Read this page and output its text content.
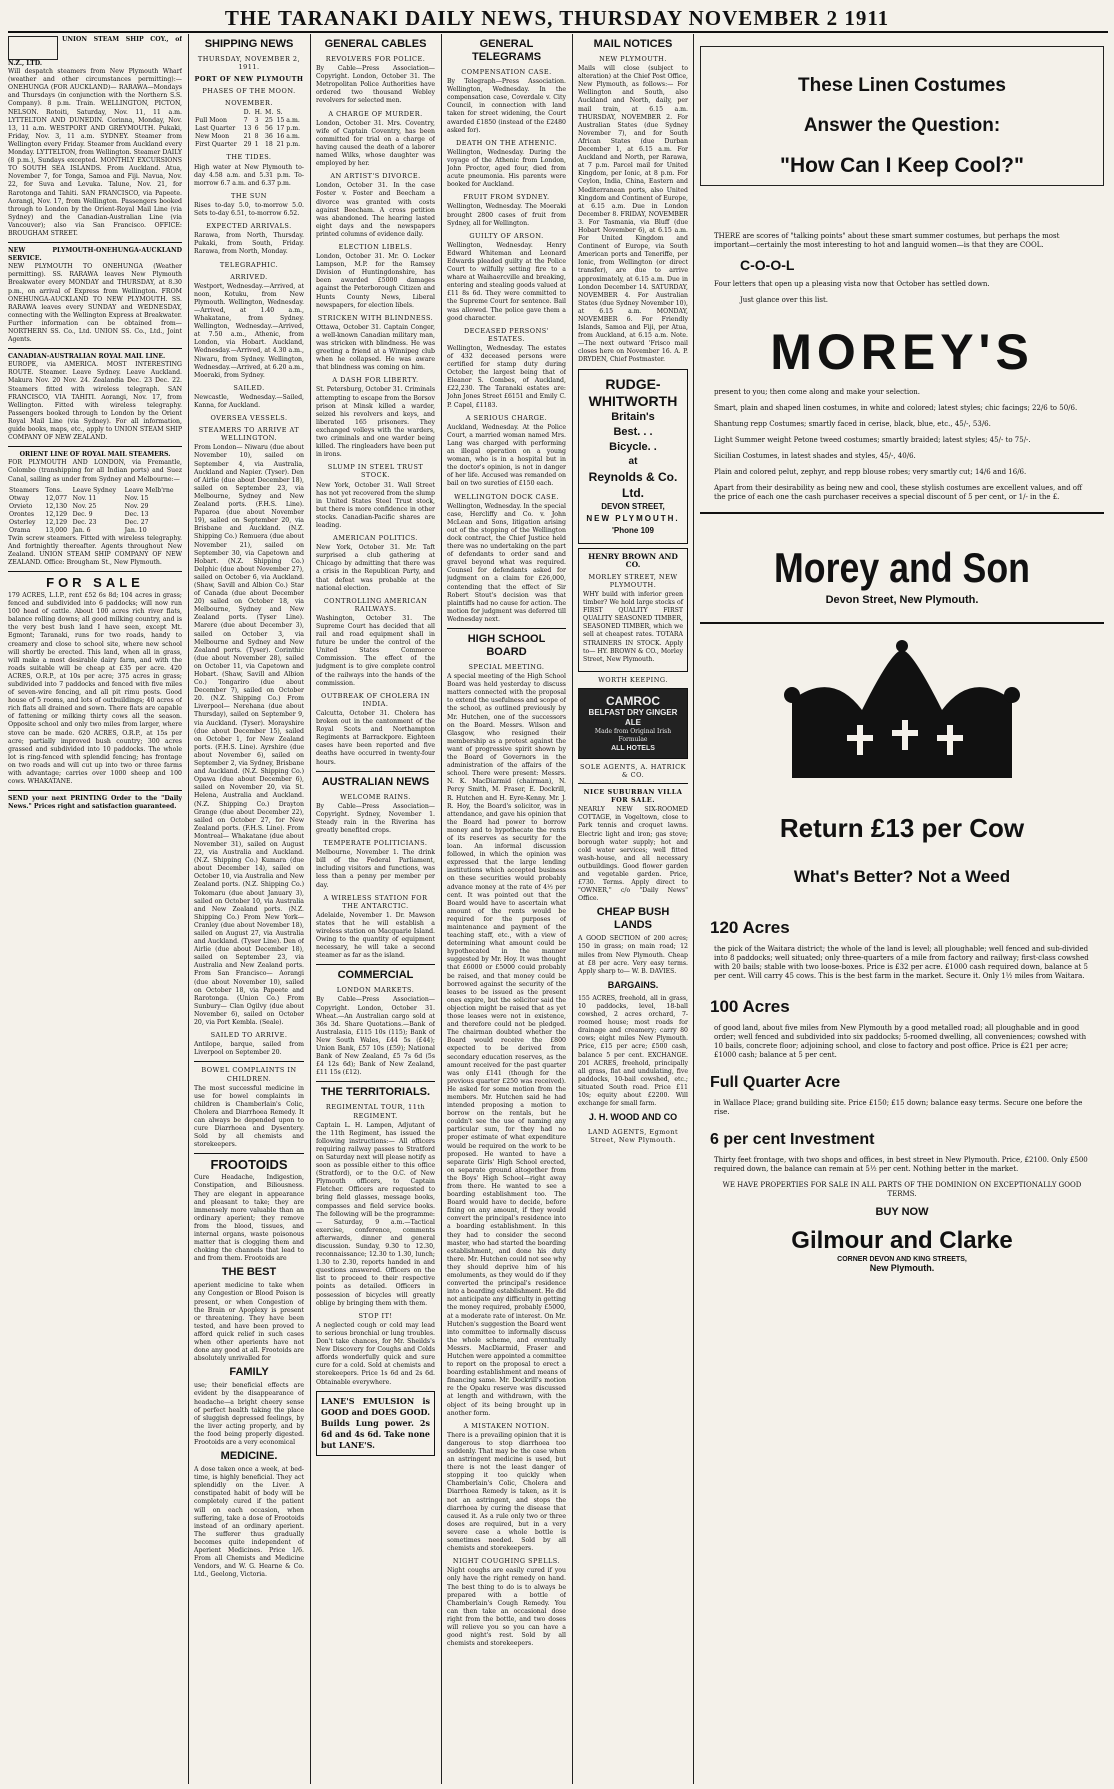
THE TARANAKI DAILY NEWS, THURSDAY NOVEMBER 2 1911
UNION STEAM SHIP COY., of N.Z., LTD.

Will despatch steamers from New Plymouth Wharf (weather and other circumstances permitting):— ONEHUNGA (FOR AUCKLAND)— RARAWA—Mondays and Thursdays (in conjunction with the Northern S.S. Company). 8 p.m. Train. WELLINGTON, PICTON, NELSON. Rotoiti, Saturday, Nov. 11, 11 a.m. LYTTELTON AND DUNEDIN. Corinna, Monday, Nov. 13, 11 a.m. WESTPORT AND GREYMOUTH. Pukaki, Friday, Nov. 3, 11 a.m. SYDNEY. Steamer from Wellington every Friday. Steamer from Auckland every Monday. LYTTELTON, from Wellington. Steamer DAILY (8 p.m.), Sundays excepted. MONTHLY EXCURSIONS TO SOUTH SEA ISLANDS. From Auckland. Atua, November 7, for Tonga, Samoa and Fiji. Navua, Nov. 22, for Suva and Levuka. Talune, Nov. 21, for Rarotonga and Tahiti. SAN FRANCISCO, via Papeete. Aorangi, Nov. 17, from Wellington. Passengers booked through to London by the Orient-Royal Mail Line (via Sydney) and the Canadian-Australian Line (via Vancouver); also via San Francisco. OFFICE: BROUGHAM STREET.

NEW PLYMOUTH-ONEHUNGA-AUCKLAND SERVICE.

NEW PLYMOUTH TO ONEHUNGA (Weather permitting). SS. RARAWA leaves New Plymouth Breakwater every MONDAY and THURSDAY, at 8.30 p.m., on arrival of Express from Wellington. FROM ONEHUNGA-AUCKLAND TO NEW PLYMOUTH. SS. RARAWA leaves every SUNDAY and WEDNESDAY, connecting with the Wellington Express at Breakwater. Further information can be obtained from— NORTHERN SS. Co., Ltd. UNION SS. Co., Ltd., Joint Agents.

CANADIAN-AUSTRALIAN ROYAL MAIL LINE.

EUROPE, via AMERICA. MOST INTERESTING ROUTE. Steamer. Leave Sydney. Leave Auckland. Makura Nov. 20 Nov. 24. Zealandia Dec. 23 Dec. 22. Steamers fitted with wireless telegraph. SAN FRANCISCO, VIA TAHITI. Aorangi, Nov. 17, from Wellington. Fitted with wireless telegraphy. Passengers booked through to London by the Orient Royal Mail Line (via Sydney). For all information, guide books, maps, etc., apply to UNION STEAM SHIP COMPANY OF NEW ZEALAND.

ORIENT LINE OF ROYAL MAIL STEAMERS.

FOR PLYMOUTH AND LONDON, via Fremantle, Colombo (transhipping for all Indian ports) and Suez Canal, sailing as under from Sydney and Melbourne:—

Steamers	Tons.	Leave Sydney	Leave Melb'rne
Otway	12,077	Nov. 11	Nov. 15
Orvieto	12,130	Nov. 25	Nov. 29
Orontes	12,129	Dec. 9	Dec. 13
Osterley	12,129	Dec. 23	Dec. 27
Orama	13,000	Jan. 6	Jan. 10

Twin screw steamers. Fitted with wireless telegraphy. And fortnightly thereafter. Agents throughout New Zealand. UNION STEAM SHIP COMPANY OF NEW ZEALAND. Office: Brougham St., New Plymouth.

FOR SALE

179 ACRES, L.I.P., rent £52 6s 8d; 104 acres in grass; fenced and subdivided into 6 paddocks; will now run 100 head of cattle. About 100 acres rich river flats, balance rolling downs; all good milking country, and is the very best bush land I have seen, except Mt. Egmont; Taranaki, runs for two roads, handy to creamery and close to school site, where new school will shortly be erected. This land, when all in grass, will make a most desirable dairy farm, and with the roads suitable will be cheap at £35 per acre. 420 ACRES, O.R.P., at 10s per acre; 375 acres in grass; subdivided into 7 paddocks and fenced with five miles of seven-wire fencing, and all pit rimu posts. Good house of 5 rooms, and lots of outbuildings; 40 acres of rich flats all drained and sown. There flats are capable of fattening or milking thirty cows all the season. Opposite school and only two miles from larger, where stove can be made. 620 ACRES, O.R.P., at 15s per acre; partially improved bush country; 300 acres grassed and subdivided into 10 paddocks. The whole lot is ring-fenced with splendid fencing; has frontage on two roads and will cut up into two or three farms with advantage; carries over 1000 sheep and 100 cows. WHAKATANE.

SEND your next PRINTING Order to the "Daily News." Prices right and satisfaction guaranteed.

SHIPPING NEWS
THURSDAY, NOVEMBER 2, 1911.
PORT OF NEW PLYMOUTH
PHASES OF THE MOON.
NOVEMBER.
	D.	H.	M.	S.
Full Moon	7	3	25	15 a.m.
Last Quarter	13	6	56	17 p.m.
New Moon	21	8	36	16 a.m.
First Quarter	29	1	18	21 p.m.
THE TIDES.

High water at New Plymouth to-day 4.58 a.m. and 5.31 p.m. To-morrow 6.7 a.m. and 6.37 p.m.

THE SUN

Rises to-day 5.0, to-morrow 5.0. Sets to-day 6.51, to-morrow 6.52.

EXPECTED ARRIVALS.

Rarawa, from North, Thursday. Pukaki, from South, Friday. Rarawa, from North, Monday.

TELEGRAPHIC.
ARRIVED.

Westport, Wednesday.—Arrived, at noon, Kotuku, from New Plymouth. Wellington, Wednesday.—Arrived, at 1.40 a.m., Whakatane, from Sydney. Wellington, Wednesday.—Arrived, at 7.50 a.m., Athenic, from London, via Hobart. Auckland, Wednesday.—Arrived, at 4.30 a.m., Niwaru, from Sydney. Wellington, Wednesday.—Arrived, at 6.20 a.m., Moeraki, from Sydney.

SAILED.

Newcastle, Wednesday.—Sailed, Kanna, for Auckland.

OVERSEA VESSELS.
STEAMERS TO ARRIVE AT WELLINGTON.

From London— Niwaru (due about November 10), sailed on September 4, via Australia, Auckland and Napier. (Tyser). Den of Airlie (due about December 18), sailed on September 23, via Melbourne, Sydney and New Zealand ports. (F.H.S. Line). Paparoa (due about November 19), sailed on September 20, via Brisbane and Auckland. (N.Z. Shipping Co.) Remuera (due about November 21), sailed on September 30, via Capetown and Hobart. (N.Z. Shipping Co.) Delphic (due about November 27), sailed on October 6, via Auckland. (Shaw, Savill and Albion Co.) Star of Canada (due about December 20) sailed on October 18, via Melbourne, Sydney and New Zealand ports. (Tyser Line). Marere (due about December 3), sailed on October 3, via Melbourne and Sydney and New Zealand ports. (Tyser). Corinthic (due about November 28), sailed on October 11, via Capetown and Hobart. (Shaw, Savill and Albion Co.) Tongariro (due about December 7), sailed on October 20. (N.Z. Shipping Co.) From Liverpool— Nerehana (due about Thursday), sailed on September 9, via Auckland. (Tyser). Morayshire (due about December 15), sailed on October 1, for New Zealand ports. (F.H.S. Line). Ayrshire (due about November 6), sailed on September 2, via Sydney, Brisbane and Auckland. (N.Z. Shipping Co.) Opawa (due about December 6), sailed on November 20, via St. Helena, Australia and Auckland. (N.Z. Shipping Co.) Drayton Grange (due about December 22), sailed on October 27, for New Zealand ports. (F.H.S. Line). From Montreal— Whakatane (due about November 31), sailed on August 22, via Australia and Auckland. (N.Z. Shipping Co.) Kumara (due about December 14), sailed on October 10, via Australia and New Zealand ports. (N.Z. Shipping Co.) Tokomaru (due about January 3), sailed on October 10, via Australia and New Zealand ports. (N.Z. Shipping Co.) From New York— Cranley (due about November 18), sailed on August 27, via Australia and Auckland. (Tyser Line). Den of Airlie (due about December 18), sailed on September 23, via Australia and New Zealand ports. From San Francisco— Aorangi (due about November 10), sailed on October 18, via Papeete and Rarotonga. (Union Co.) From Sunbury— Clan Ogilvy (due about November 6), sailed on October 20, via Port Kembla. (Seale).

SAILED TO ARRIVE.

Antilope, barque, sailed from Liverpool on September 20.

BOWEL COMPLAINTS IN CHILDREN.

The most successful medicine in use for bowel complaints in children is Chamberlain's Colic, Cholera and Diarrhoea Remedy. It can always be depended upon to cure Diarrhoea and Dysentery. Sold by all chemists and storekeepers.

FROOTOIDS

Cure Headache, Indigestion, Constipation, and Biliousness. They are elegant in appearance and pleasant to take; they are immensely more valuable than an ordinary aperient; they remove from the blood, tissues, and internal organs, waste poisonous matter that is clogging them and choking the channels that lead to and from them. Frootoids are

THE BEST

aperient medicine to take when any Congestion or Blood Poison is present, or when Congestion of the Brain or Apoplexy is present or threatening. They have been tested, and have been proved to afford quick relief in such cases when other aperients have not done any good at all. Frootoids are absolutely unrivalled for

FAMILY

use; their beneficial effects are evident by the disappearance of headache—a bright cheery sense of perfect health taking the place of sluggish depressed feelings, by the liver acting properly, and by the food being properly digested. Frootoids are a very economical

MEDICINE.

A dose taken once a week, at bed-time, is highly beneficial. They act splendidly on the Liver. A constipated habit of body will be completely cured if the patient will on each occasion, when suffering, take a dose of Frootoids instead of an ordinary aperient. The sufferer thus gradually becomes quite independent of Aperient Medicines. Price 1/6. From all Chemists and Medicine Vendors, and W. G. Hearne & Co. Ltd., Geelong, Victoria.

GENERAL CABLES
REVOLVERS FOR POLICE.

By Cable—Press Association—Copyright. London, October 31. The Metropolitan Police Authorities have ordered two thousand Webley revolvers for selected men.

A CHARGE OF MURDER.

London, October 31. Mrs. Coventry, wife of Captain Coventry, has been committed for trial on a charge of having caused the death of a laborer named Wilks, whose daughter was employed by her.

AN ARTIST'S DIVORCE.

London, October 31. In the case Foster v. Foster and Beecham a divorce was granted with costs against Beecham. A cross petition was abandoned. The hearing lasted eight days and the newspapers printed columns of evidence daily.

ELECTION LIBELS.

London, October 31. Mr. O. Locker Lampson, M.P. for the Ramsey Division of Huntingdonshire, has been awarded £5000 damages against the Peterborough Citizen and Hunts County News, Liberal newspapers, for election libels.

STRICKEN WITH BLINDNESS.

Ottawa, October 31. Captain Conger, a well-known Canadian military man, was stricken with blindness. He was greeting a friend at a Winnipeg club when he collapsed. He was aware that blindness was coming on him.

A DASH FOR LIBERTY.

St. Petersburg, October 31. Criminals attempting to escape from the Borsov prison at Minsk killed a warder, seized his revolvers and keys, and liberated 165 prisoners. They exchanged volleys with the warders, two criminals and one warder being killed. The ringleaders have been put in irons.

SLUMP IN STEEL TRUST STOCK.

New York, October 31. Wall Street has not yet recovered from the slump in United States Steel Trust stock, but there is more confidence in other stocks. Canadian-Pacific shares are leading.

AMERICAN POLITICS.

New York, October 31. Mr. Taft surprised a club gathering at Chicago by admitting that there was a crisis in the Republican Party, and that defeat was probable at the national election.

CONTROLLING AMERICAN RAILWAYS.

Washington, October 31. The Supreme Court has decided that all rail and road equipment shall in future be under the control of the United States Commerce Commission. The effect of the judgment is to give complete control of the railways into the hands of the commission.

OUTBREAK OF CHOLERA IN INDIA.

Calcutta, October 31. Cholera has broken out in the cantonment of the Royal Scots and Northampton Regiments at Barrackpore. Eighteen cases have been reported and five deaths have occurred in twenty-four hours.

AUSTRALIAN NEWS
WELCOME RAINS.

By Cable—Press Association—Copyright. Sydney, November 1. Steady rain in the Riverina has greatly benefited crops.

TEMPERATE POLITICIANS.

Melbourne, November 1. The drink bill of the Federal Parliament, including visitors and functions, was less than a penny per member per day.

A WIRELESS STATION FOR THE ANTARCTIC.

Adelaide, November 1. Dr. Mawson states that he will establish a wireless station on Macquarie Island. Owing to the quantity of equipment necessary, he will take a second steamer as far as the island.

COMMERCIAL
LONDON MARKETS.

By Cable—Press Association—Copyright. London, October 31. Wheat.—An Australian cargo sold at 36s 3d. Share Quotations.—Bank of Australasia, £115 10s (115); Bank of New South Wales, £44 5s (£44); Union Bank, £57 10s (£59); National Bank of New Zealand, £5 7s 6d (5s £4 12s 6d); Bank of New Zealand, £11 15s (£12).

THE TERRITORIALS.
REGIMENTAL TOUR, 11th REGIMENT.

Captain L. H. Lampen, Adjutant of the 11th Regiment, has issued the following instructions:— All officers requiring railway passes to Stratford on Saturday next will please notify as soon as possible either to this office (Stratford), or to the O.C. of New Plymouth officers, to Captain Fletcher. Officers are requested to bring field glasses, message books, compasses and field service books. The following will be the programme:— Saturday, 9 a.m.—Tactical exercise, conference, comments afterwards, dinner and general discussion. Sunday, 9.30 to 12.30, reconnaissance; 12.30 to 1.30, lunch; 1.30 to 2.30, reports handed in and questions answered. Officers on the list to proceed to their respective points as detailed. Officers in possession of bicycles will greatly oblige by bringing them with them.

STOP IT!

A neglected cough or cold may lead to serious bronchial or lung troubles. Don't take chances, for Mr. Sheilds's New Discovery for Coughs and Colds affords wonderfully quick and sure cure for a cold. Sold at chemists and storekeepers. Price 1s 6d and 2s 6d. Obtainable everywhere.

LANE'S EMULSION is GOOD and DOES GOOD. Builds Lung power. 2s 6d and 4s 6d. Take none but LANE'S.
GENERAL TELEGRAMS
COMPENSATION CASE.

By Telegraph—Press Association. Wellington, Wednesday. In the compensation case, Coverdale v. City Council, in connection with land taken for street widening, the Court awarded £1850 (instead of the £2480 asked for).

DEATH ON THE ATHENIC.

Wellington, Wednesday. During the voyage of the Athenic from London, John Proctor, aged four, died from acute pneumonia. His parents were booked for Auckland.

FRUIT FROM SYDNEY.

Wellington, Wednesday. The Moeraki brought 2800 cases of fruit from Sydney, all for Wellington.

GUILTY OF ARSON.

Wellington, Wednesday. Henry Edward Whiteman and Leonard Edwards pleaded guilty at the Police Court to wilfully setting fire to a whare at Waihaercville and breaking, entering and stealing goods valued at £11 8s 6d. They were committed to the Supreme Court for sentence. Bail was allowed. The police gave them a good character.

DECEASED PERSONS' ESTATES.

Wellington, Wednesday. The estates of 432 deceased persons were certified for stamp duty during October, the largest being that of Eleanor S. Combes, of Auckland, £22,230. The Taranaki estates are: John Jones Street £6151 and Emily C. P. Capel, £1183.

A SERIOUS CHARGE.

Auckland, Wednesday. At the Police Court, a married woman named Mrs. Lang was charged with performing an illegal operation on a young woman, who is in a hospital but in the doctor's opinion, is not in danger of her life. Accused was remanded on bail on two sureties of £150 each.

WELLINGTON DOCK CASE.

Wellington, Wednesday. In the special case, Hercliffy and Co. v. John McLean and Sons, litigation arising out of the stopping of the Wellington dock contract, the Chief Justice held there was no undertaking on the part of defendants to order sand and gravel beyond what was required. Counsel for defendants asked for judgment on a claim for £26,000, contending that the effect of Sir Robert Stout's decision was that plaintiffs had no cause for action. The motion for judgment was deferred till Wednesday next.

HIGH SCHOOL BOARD
SPECIAL MEETING.

A special meeting of the High School Board was held yesterday to discuss matters connected with the proposal to extend the usefulness and scope of the school, as outlined previously by Mr. Hutchen, one of the successors on the Board. Messrs. Wilson and Glasgow, who resigned their membership as a protest against the want of progressive spirit shown by the Board of Governors in the administration of the affairs of the school. There were present: Messrs. N. K. MacDiarmid (chairman), N. Percy Smith, M. Fraser, E. Dockrill, R. Hutchen and H. Eyre-Kenny. Mr. J. R. Hoy, the Board's solicitor, was in attendance, and gave his opinion that the Board had power to borrow money and to hypothecate the rents of its reserves as security for the loan. An informal discussion followed, in which the opinion was expressed that the large lending institutions which accepted business on these securities would probably advance money at the rate of 4½ per cent. It was pointed out that the Board would have to ascertain what amount of the rents would be required for the purposes of maintenance and payment of the teaching staff, etc., with a view of determining what amount could be hypothecated in the manner suggested by Mr. Hoy. It was thought that £6000 or £5000 could probably be raised, and that money could be borrowed against the security of the leases to be issued as the present ones expire, but the solicitor said the objection might be raised that as yet those leases were not in existence, and therefore could not be pledged. The chairman doubted whether the Board would receive the £800 expected to be derived from secondary education reserves, as the amount received for the past quarter was only £141 (though for the previous quarter £250 was received). He asked for some motion from the members. Mr. Hutchen said he had intended proposing a motion to borrow on the rentals, but he couldn't see the use of naming any particular sum, for they had no proper estimate of what expenditure would be required on the work to be proposed. He wanted to have a separate Girls' High School erected, on separate ground altogether from the Boys' High School—right away from there. He wanted to see a boarding establishment too. The Board would have to decide, before fixing on any amount, if they would convert the principal's residence into a boarding establishment. In this they had to consider the second master, who had started the boarding establishment, and done his duty there. Mr. Hutchen could not see why they should deprive him of his emoluments, as they would do if they converted the principal's residence into a boarding establishment. He did not anticipate any difficulty in getting the money required, probably £5000, at a moderate rate of interest. On Mr. Hutchen's suggestion the Board went into committee to informally discuss the whole scheme, and eventually Messrs. MacDiarmid, Fraser and Hutchen were appointed a committee to report on the proposal to erect a boarding establishment and means of financing same. Mr. Dockrill's motion re the Opaku reserve was discussed at length and withdrawn, with the object of its being brought up in another form.

A MISTAKEN NOTION.

There is a prevailing opinion that it is dangerous to stop diarrhoea too suddenly. That may be the case when an astringent medicine is used, but there is not the least danger of stopping it too quickly when Chamberlain's Colic, Cholera and Diarrhoea Remedy is taken, as it is not an astringent, and stops the diarrhoea by curing the disease that caused it. As a rule only two or three doses are required, but in a very severe case a whole bottle is sometimes needed. Sold by all chemists and storekeepers.

NIGHT COUGHING SPELLS.

Night coughs are easily cured if you only have the right remedy on hand. The best thing to do is to always be prepared with a bottle of Chamberlain's Cough Remedy. You can then take an occasional dose right from the bottle, and two doses will relieve you so you can have a good night's rest. Sold by all chemists and storekeepers.

MAIL NOTICES
NEW PLYMOUTH.

Mails will close (subject to alteration) at the Chief Post Office, New Plymouth, as follows:— For Wellington and South, also Auckland and North, daily, per mail train, at 6.15 a.m. THURSDAY, NOVEMBER 2. For Australian States (due Sydney November 7), and for South African States (due Durban December 1, at 6.15 a.m. For Auckland and North, per Rarawa, at 7 p.m. Parcel mail for United Kingdom, per Ionic, at 8 p.m. For Ceylon, India, China, Eastern and Mediterranean ports, also United Kingdom and Continent of Europe, at 6.15 a.m. Due in London December 8. FRIDAY, NOVEMBER 3. For Tasmania, via Bluff (due Hobart November 6), at 6.15 a.m. For United Kingdom and Continent of Europe, via South American ports and Teneriffe, per Ionic, from Wellington (or direct transfer), are due to arrive approximately, at 6.15 a.m. Due in London December 14. SATURDAY, NOVEMBER 4. For Australian States (due Sydney November 10), at 6.15 a.m. MONDAY, NOVEMBER 6. For Friendly Islands, Samoa and Fiji, per Atua, from Auckland, at 6.15 a.m. Note.—The next outward 'Frisco mail closes here on November 16. A. P. DRYDEN, Chief Postmaster.

RUDGE-
WHITWORTH
Britain's
Best. . .
Bicycle. .
at
Reynolds & Co. Ltd.
DEVON STREET,
NEW PLYMOUTH.
'Phone 109
HENRY BROWN AND CO.
MORLEY STREET, NEW PLYMOUTH.

WHY build with inferior green timber? We hold large stocks of FIRST QUALITY FIRST QUALITY SEASONED TIMBER, SEASONED TIMBER, which we sell at cheapest rates. TOTARA STRAINERS IN STOCK. Apply to— HY. BROWN & CO., Morley Street, New Plymouth.

WORTH KEEPING.
CAMROC
BELFAST DRY GINGER ALE
Made from Original Irish Formulae
ALL HOTELS
SOLE AGENTS, A. HATRICK & CO.
NICE SUBURBAN VILLA FOR SALE.

NEARLY NEW SIX-ROOMED COTTAGE, in Vogeltown, close to Park tennis and croquet lawns. Electric light and iron; gas stove; borough water supply; hot and cold water services; well fitted wash-house, and all necessary outbuildings. Good flower garden and vegetable garden. Price, £730. Terms. Apply direct to "OWNER," c/o "Daily News" Office.

CHEAP BUSH LANDS

A GOOD SECTION of 200 acres; 150 in grass; on main road; 12 miles from New Plymouth. Cheap at £8 per acre. Very easy terms. Apply sharp to— W. B. DAVIES.

BARGAINS.

155 ACRES, freehold, all in grass, 10 paddocks, level, 18-ball cowshed, 2 acres orchard, 7-roomed house; most roads for drainage and creamery; carry 80 cows; eight miles New Plymouth. Price, £15 per acre; £500 cash, balance 5 per cent. EXCHANGE. 201 ACRES, freehold, principally all grass, flat and undulating, five paddocks, 10-bail cowshed, etc.; situated South road. Price £11 10s; equity about £2200. Will exchange for small farm.

J. H. WOOD AND CO
LAND AGENTS, Egmont Street, New Plymouth.
These Linen Costumes
Answer the Question:
"How Can I Keep Cool?"

THERE are scores of "talking points" about these smart summer costumes, but perhaps the most important—certainly the most interesting to hot and languid women—is that they are COOL.

C-O-O-L

Four letters that open up a pleasing vista now that October has settled down.

Just glance over this list.

MOREY'S

present to you; then come along and make your selection.

Smart, plain and shaped linen costumes, in white and colored; latest styles; chic facings; 22/6 to 50/6.

Shantung repp Costumes; smartly faced in cerise, black, blue, etc., 45/-, 53/6.

Light Summer weight Petone tweed costumes; smartly braided; latest styles; 45/- to 75/-.

Sicilian Costumes, in latest shades and styles, 45/-, 40/6.

Plain and colored pelut, zephyr, and repp blouse robes; very smartly cut; 14/6 and 16/6.

Apart from their desirability as being new and cool, these stylish costumes are excellent values, and off the price of each one the cash purchaser receives a special discount of 5 per cent, or 1/- in the £.

Morey and Son
Devon Street, New Plymouth.
Return £13 per Cow
What's Better? Not a Weed
120 Acres

the pick of the Waitara district; the whole of the land is level; all ploughable; well fenced and sub-divided into 8 paddocks; well situated; only three-quarters of a mile from factory and railway; first-class cowshed with 20 bails; stable with two loose-boxes. Price is £32 per acre. £1000 cash required down, balance at 5 per cent. Will carry 45 cows. This is the best farm in the market. Secure it. Only 1½ miles from Waitara.

100 Acres

of good land, about five miles from New Plymouth by a good metalled road; all ploughable and in good order; well fenced and subdivided into six paddocks; 5-roomed dwelling, all conveniences; cowshed with 10 bails, concrete floor; adjoining school, and close to factory and post office. Price is £21 per acre; £1000 cash; balance at 5 per cent.

Full Quarter Acre

in Wallace Place; grand building site. Price £150; £15 down; balance easy terms. Secure one before the rise.

6 per cent Investment

Thirty feet frontage, with two shops and offices, in best street in New Plymouth. Price, £2100. Only £500 required down, the balance can remain at 5½ per cent. Nothing better in the market.

WE HAVE PROPERTIES FOR SALE IN ALL PARTS OF THE DOMINION ON EXCEPTIONALLY GOOD TERMS.

BUY NOW
Gilmour and Clarke
CORNER DEVON AND KING STREETS,
New Plymouth.
